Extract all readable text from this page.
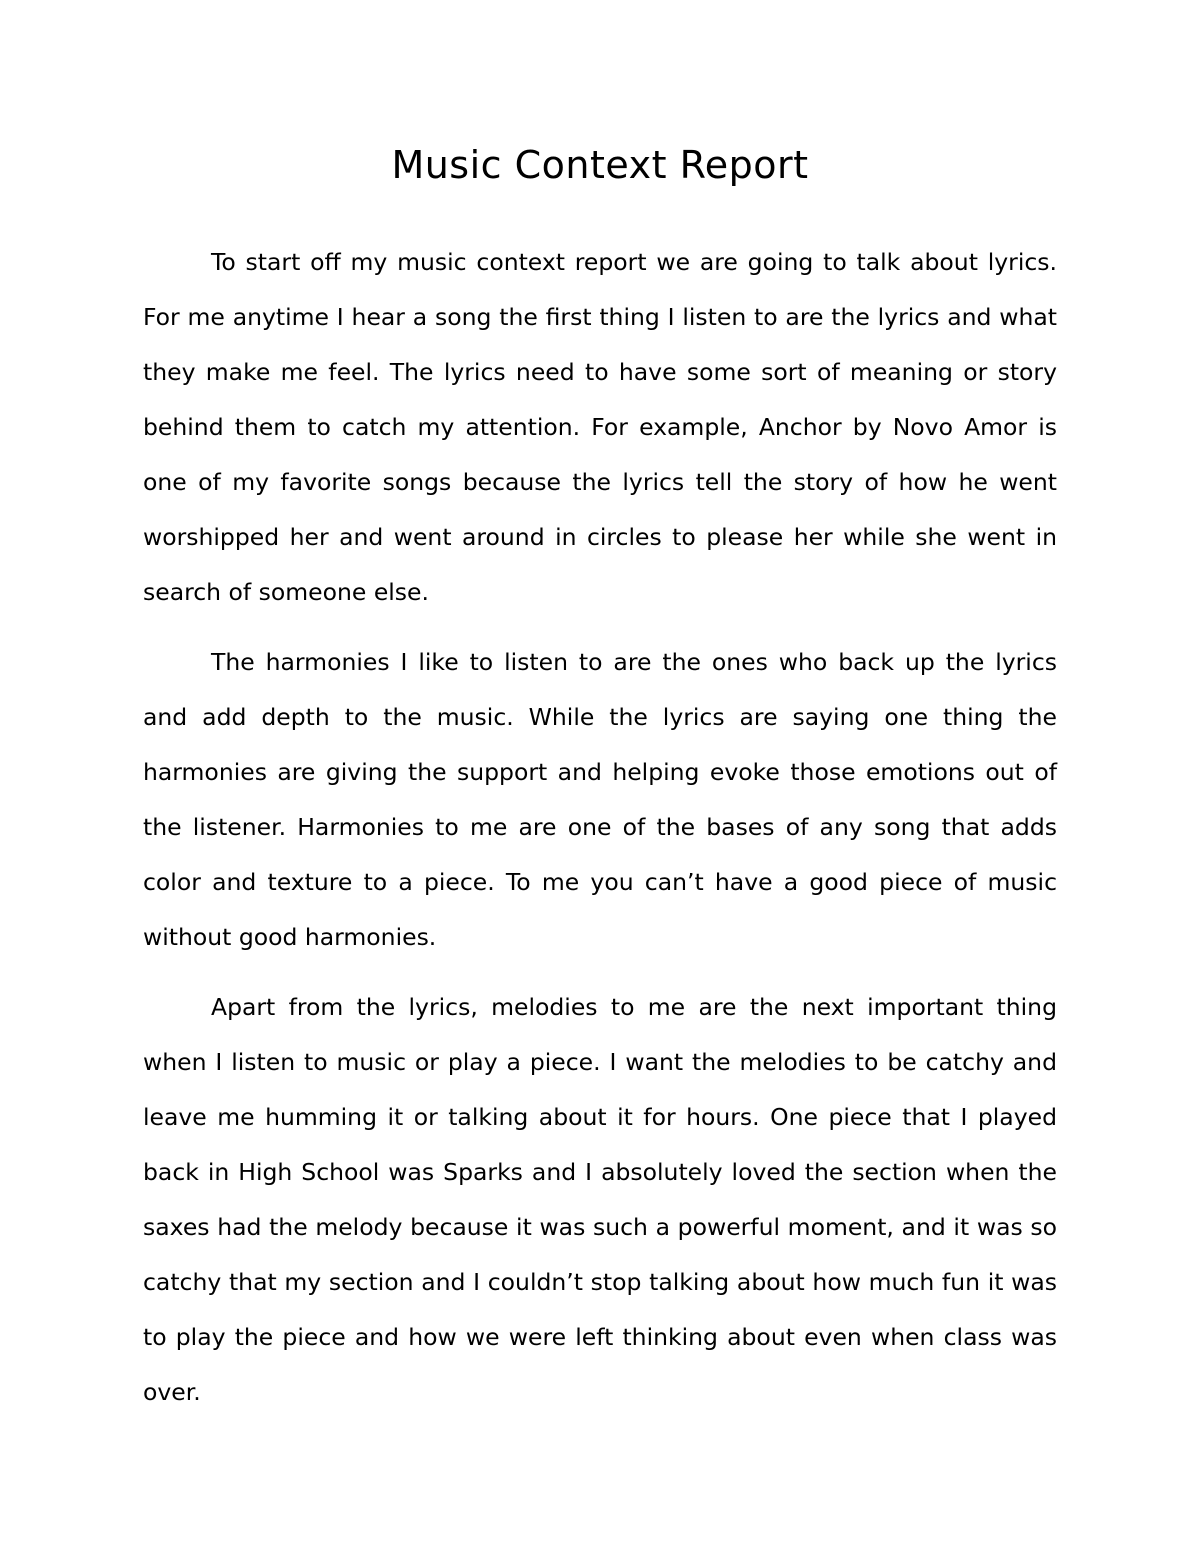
Music Context Report

To start off my music context report we are going to talk about lyrics. For me anytime I hear a song the first thing I listen to are the lyrics and what they make me feel. The lyrics need to have some sort of meaning or story behind them to catch my attention. For example, Anchor by Novo Amor is one of my favorite songs because the lyrics tell the story of how he went worshipped her and went around in circles to please her while she went in search of someone else.

The harmonies I like to listen to are the ones who back up the lyrics and add depth to the music. While the lyrics are saying one thing the harmonies are giving the support and helping evoke those emotions out of the listener. Harmonies to me are one of the bases of any song that adds color and texture to a piece. To me you can’t have a good piece of music without good harmonies.

Apart from the lyrics, melodies to me are the next important thing when I listen to music or play a piece. I want the melodies to be catchy and leave me humming it or talking about it for hours. One piece that I played back in High School was Sparks and I absolutely loved the section when the saxes had the melody because it was such a powerful moment, and it was so catchy that my section and I couldn’t stop talking about how much fun it was to play the piece and how we were left thinking about even when class was over.
